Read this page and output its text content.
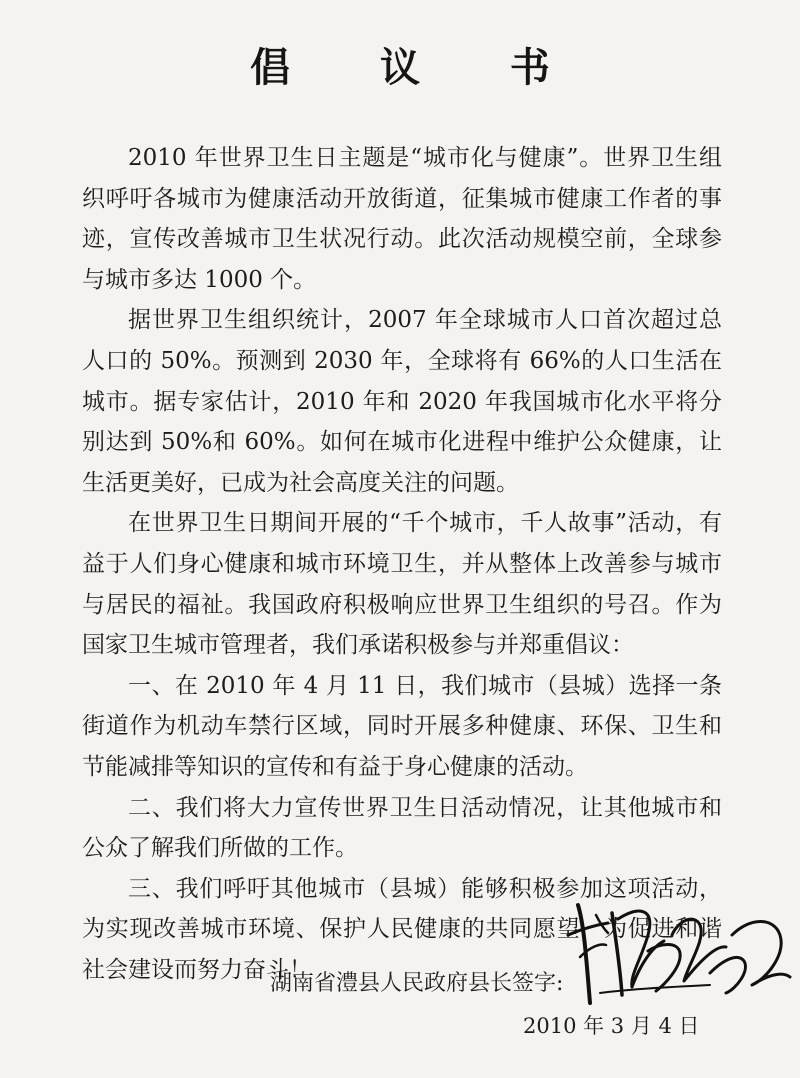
倡 议 书

2010 年世界卫生日主题是“城市化与健康”。世界卫生组织呼吁各城市为健康活动开放街道，征集城市健康工作者的事迹，宣传改善城市卫生状况行动。此次活动规模空前，全球参与城市多达 1000 个。

据世界卫生组织统计，2007 年全球城市人口首次超过总人口的 50%。预测到 2030 年，全球将有 66%的人口生活在城市。据专家估计，2010 年和 2020 年我国城市化水平将分别达到 50%和 60%。如何在城市化进程中维护公众健康，让生活更美好，已成为社会高度关注的问题。

在世界卫生日期间开展的“千个城市，千人故事”活动，有益于人们身心健康和城市环境卫生，并从整体上改善参与城市与居民的福祉。我国政府积极响应世界卫生组织的号召。作为国家卫生城市管理者，我们承诺积极参与并郑重倡议：

一、在 2010 年 4 月 11 日，我们城市（县城）选择一条街道作为机动车禁行区域，同时开展多种健康、环保、卫生和节能减排等知识的宣传和有益于身心健康的活动。

二、我们将大力宣传世界卫生日活动情况，让其他城市和公众了解我们所做的工作。

三、我们呼吁其他城市（县城）能够积极参加这项活动，为实现改善城市环境、保护人民健康的共同愿望，为促进和谐社会建设而努力奋斗！

湖南省澧县人民政府县长签字:
2010 年 3 月 4 日
